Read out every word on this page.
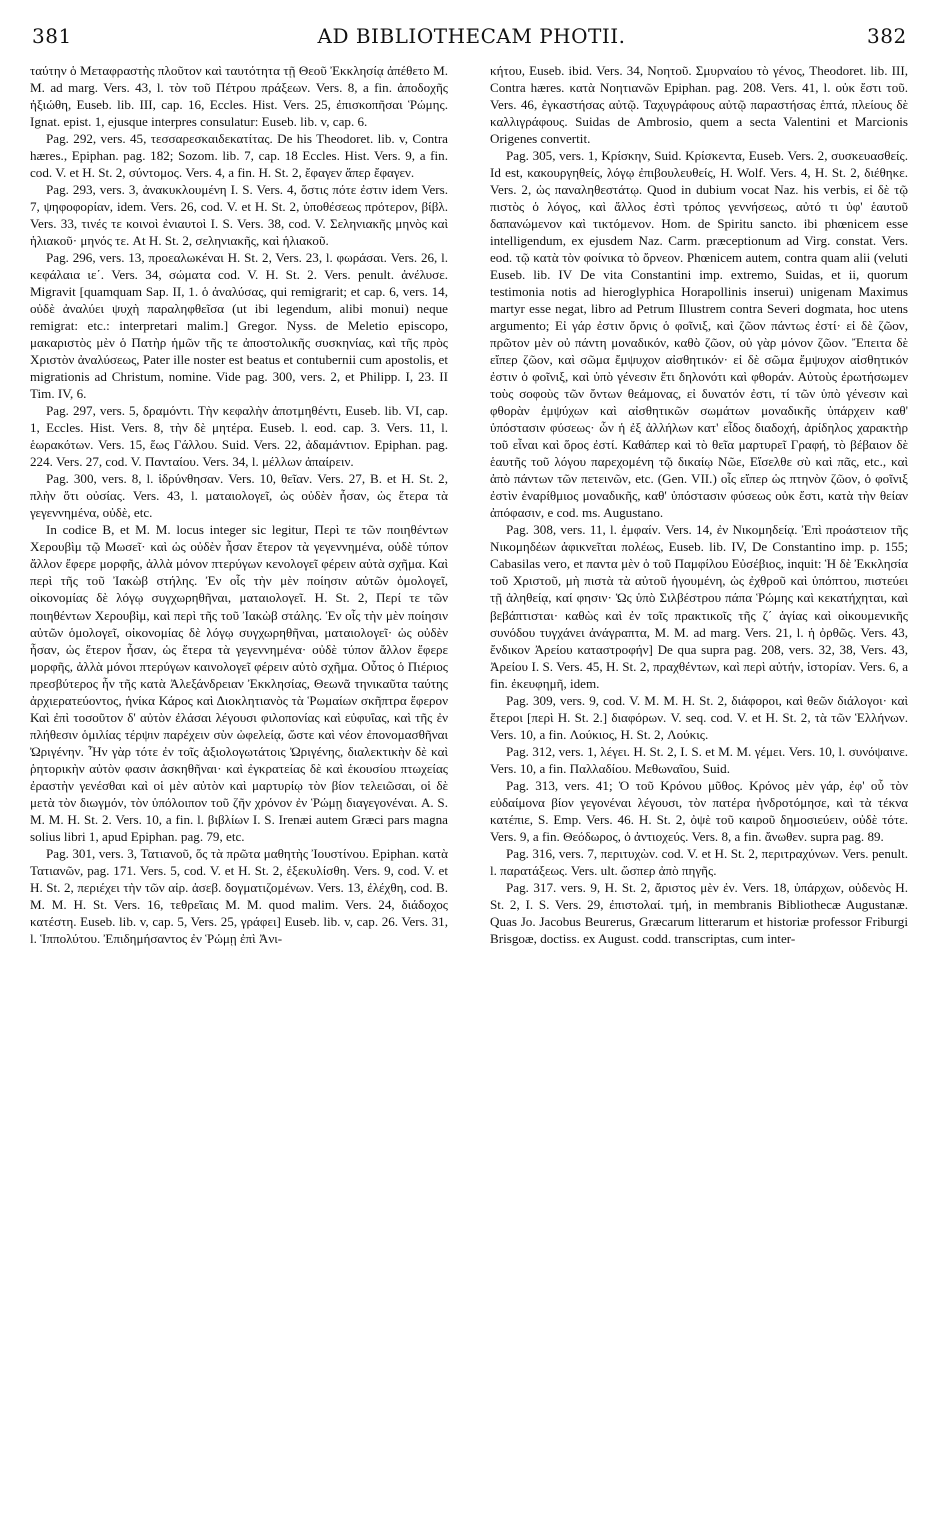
381	AD BIBLIOTHECAM PHOTII.	382

ταύτην ὁ Μεταφραστὴς πλοῦτον καὶ ταυτότητα τῇ Θεοῦ Ἐκκλησίᾳ ἀπέθετο M. M. ad marg. Vers. 43, l. τὸν τοῦ Πέτρου πράξεων. Vers. 8, a fin. ἀποδοχῆς ἠξιώθη, Euseb. lib. III, cap. 16, Eccles. Hist. Vers. 25, ἐπισκοπῆσαι Ῥώμης. Ignat. epist. 1, ejusque interpres consulatur: Euseb. lib. v, cap. 6.

Pag. 292, vers. 45, τεσσαρεσκαιδεκατίτας. De his Theodoret. lib. v, Contra hæres., Epiphan. pag. 182; Sozom. lib. 7, cap. 18 Eccles. Hist. Vers. 9, a fin. cod. V. et H. St. 2, σύντομος. Vers. 4, a fin. H. St. 2, ἔφαγεν ἅπερ ἔφαγεν.

Pag. 293, vers. 3, ἀνακυκλουμένη I. S. Vers. 4, ὅστις πότε ἐστιν idem Vers. 7, ψηφοφορίαν, idem. Vers. 26, cod. V. et H. St. 2, ὑποθέσεως πρότερον, βίβλ. Vers. 33, τινές τε κοινοὶ ἐνιαυτοὶ I. S. Vers. 38, cod. V. Σεληνιακῆς μηνὸς καὶ ἡλιακοῦ· μηνός τε. At H. St. 2, σεληνιακῆς, καὶ ἡλιακοῦ.

Pag. 296, vers. 13, προεαλωκέναι H. St. 2, Vers. 23, l. φωράσαι. Vers. 26, l. κεφάλαια ιε΄. Vers. 34, σώματα cod. V. H. St. 2. Vers. penult. ἀνέλυσε. Migravit [quamquam Sap. II, 1. ὁ ἀναλύσας, qui remigrarit; et cap. 6, vers. 14, οὐδὲ ἀναλύει ψυχὴ παραληφθεῖσα (ut ibi legendum, alibi monui) neque remigrat: etc.: interpretari malim.] Gregor. Nyss. de Meletio episcopo, μακαριστὸς μὲν ὁ Πατὴρ ἡμῶν τῆς τε ἀποστολικῆς συσκηνίας, καὶ τῆς πρὸς Χριστὸν ἀναλύσεως, Pater ille noster est beatus et contubernii cum apostolis, et migrationis ad Christum, nomine. Vide pag. 300, vers. 2, et Philipp. I, 23. II Tim. IV, 6.

Pag. 297, vers. 5, δραμόντι. Τὴν κεφαλὴν ἀποτμηθέντι, Euseb. lib. VI, cap. 1, Eccles. Hist. Vers. 8, τὴν δὲ μητέρα. Euseb. l. eod. cap. 3. Vers. 11, l. ἑωρακότων. Vers. 15, ἕως Γάλλου. Suid. Vers. 22, ἀδαμάντιον. Epiphan. pag. 224. Vers. 27, cod. V. Πανταίου. Vers. 34, l. μέλλων ἀπαίρειν.

Pag. 300, vers. 8, l. ἱδρύνθησαν. Vers. 10, θεῖαν. Vers. 27, B. et H. St. 2, πλὴν ὅτι οὐσίας. Vers. 43, l. ματαιολογεῖ, ὡς οὐδὲν ἦσαν, ὡς ἕτερα τὰ γεγεννημένα, οὐδὲ, etc.

In codice B, et M. M. locus integer sic legitur, Περὶ τε τῶν ποιηθέντων Χερουβὶμ τῷ Μωσεῖ· καὶ ὡς οὐδὲν ἦσαν ἕτερον τὰ γεγεννημένα, οὐδὲ τύπον ἄλλον ἔφερε μορφῆς, ἀλλὰ μόνον πτερύγων κενολογεῖ φέρειν αὐτὰ σχῆμα. Καὶ περὶ τῆς τοῦ Ἰακὼβ στήλης. Ἐν οἷς τὴν μὲν ποίησιν αὐτῶν ὁμολογεῖ, οἰκονομίας δὲ λόγῳ συγχωρηθῆναι, ματαιολογεῖ. H. St. 2, Περί τε τῶν ποιηθέντων Χερουβὶμ, καὶ περὶ τῆς τοῦ Ἰακὼβ στάλης. Ἐν οἷς τὴν μὲν ποίησιν αὐτῶν ὁμολογεῖ, οἰκονομίας δὲ λόγῳ συγχωρηθῆναι, ματαιολογεῖ· ὡς οὐδὲν ἦσαν, ὡς ἕτερον ἦσαν, ὡς ἕτερα τὰ γεγεννημένα· οὐδὲ τύπον ἄλλον ἔφερε μορφῆς, ἀλλὰ μόνοι πτερύγων καινολογεῖ φέρειν αὐτὸ σχῆμα. Οὗτος ὁ Πιέριος πρεσβύτερος ἦν τῆς κατὰ Ἀλεξάνδρειαν Ἐκκλησίας, Θεωνᾶ τηνικαῦτα ταύτης ἀρχιερατεύοντος, ἡνίκα Κάρος καὶ Διοκλητιανὸς τὰ Ῥωμαίων σκῆπτρα ἔφερον Καὶ ἐπὶ τοσοῦτον δ' αὐτὸν ἐλάσαι λέγουσι φιλοπονίας καὶ εὐφυΐας, καὶ τῆς ἐν πλήθεσιν ὁμιλίας τέρψιν παρέχειν σὺν ὠφελείᾳ, ὥστε καὶ νέον ἐπονομασθῆναι Ὠριγένην. Ἦν γὰρ τότε ἐν τοῖς ἀξιολογωτάτοις Ὠριγένης, διαλεκτικὴν δὲ καὶ ῥητορικὴν αὐτὸν φασιν ἀσκηθῆναι· καὶ ἐγκρατείας δὲ καὶ ἑκουσίου πτωχείας ἐραστὴν γενέσθαι καὶ οἱ μὲν αὐτὸν καὶ μαρτυρίῳ τὸν βίον τελειῶσαι, οἱ δὲ μετὰ τὸν διωγμόν, τὸν ὑπόλοιπον τοῦ ζῆν χρόνον ἐν Ῥώμῃ διαγεγονέναι. A. S. M. M. H. St. 2. Vers. 10, a fin. l. βιβλίων I. S. Irenæi autem Græci pars magna solius libri 1, apud Epiphan. pag. 79, etc.

Pag. 301, vers. 3, Τατιανοῦ, ὅς τὰ πρῶτα μαθητὴς Ἰουστίνου. Epiphan. κατὰ Τατιανῶν, pag. 171. Vers. 5, cod. V. et H. St. 2, ἐξεκυλίσθη. Vers. 9, cod. V. et H. St. 2, περιέχει τὴν τῶν αἱρ. ἀσεβ. δογματιζομένων. Vers. 13, ἐλέχθη, cod. B. M. M. H. St. Vers. 16, τεθρεῖαις M. M. quod malim. Vers. 24, διάδοχος κατέστη. Euseb. lib. v, cap. 5, Vers. 25, γράφει] Euseb. lib. v, cap. 26. Vers. 31, l. Ἱππολύτου. Ἐπιδημήσαντος ἐν Ῥώμῃ ἐπὶ Ἀνι-

κήτου, Euseb. ibid. Vers. 34, Νοητοῦ. Σμυρναίου τὸ γένος, Theodoret. lib. III, Contra hæres. κατὰ Νοητιανῶν Epiphan. pag. 208. Vers. 41, l. οὐκ ἔστι τοῦ. Vers. 46, ἐγκαστήσας αὐτῷ. Ταχυγράφους αὐτῷ παραστήσας ἑπτά, πλείους δὲ καλλιγράφους. Suidas de Ambrosio, quem a secta Valentini et Marcionis Origenes convertit.

Pag. 305, vers. 1, Κρίσκην, Suid. Κρίσκεντα, Euseb. Vers. 2, συσκευασθείς. Id est, κακουργηθείς, λόγῳ ἐπιβουλευθείς, H. Wolf. Vers. 4, H. St. 2, διέθηκε. Vers. 2, ὡς παναληθεστάτῳ. Quod in dubium vocat Naz. his verbis, εἰ δὲ τῷ πιστὸς ὁ λόγος, καὶ ἄλλος ἐστὶ τρόπος γεννήσεως, αὐτό τι ὑφ' ἑαυτοῦ δαπανώμενον καὶ τικτόμενον. Hom. de Spiritu sancto. ibi phœnicem esse intelligendum, ex ejusdem Naz. Carm. præceptionum ad Virg. constat. Vers. eod. τῷ κατὰ τὸν φοίνικα τὸ ὄρνεον. Phœnicem autem, contra quam alii (veluti Euseb. lib. IV De vita Constantini imp. extremo, Suidas, et ii, quorum testimonia notis ad hieroglyphica Horapollinis inserui) unigenam Maximus martyr esse negat, libro ad Petrum Illustrem contra Severi dogmata, hoc utens argumento; Εἰ γάρ ἐστιν ὄρνις ὁ φοῖνιξ, καὶ ζῶον πάντως ἐστί· εἰ δὲ ζῶον, πρῶτον μὲν οὐ πάντη μοναδικόν, καθὸ ζῶον, οὐ γὰρ μόνον ζῶον. Ἔπειτα δὲ εἴπερ ζῶον, καὶ σῶμα ἔμψυχον αἰσθητικόν· εἰ δὲ σῶμα ἔμψυχον αἰσθητικόν ἐστιν ὁ φοῖνιξ, καὶ ὑπὸ γένεσιν ἔτι δηλονότι καὶ φθοράν. Αὐτοὺς ἐρωτήσωμεν τοὺς σοφοὺς τῶν ὄντων θεάμονας, εἰ δυνατόν ἐστι, τί τῶν ὑπὸ γένεσιν καὶ φθορὰν ἐμψύχων καὶ αἰσθητικῶν σωμάτων μοναδικῆς ὑπάρχειν καθ' ὑπόστασιν φύσεως· ὧν ἡ ἐξ ἀλλήλων κατ' εἶδος διαδοχή, ἀρίδηλος χαρακτὴρ τοῦ εἶναι καὶ ὅρος ἐστί. Καθάπερ καὶ τὸ θεῖα μαρτυρεῖ Γραφή, τὸ βέβαιον δὲ ἑαυτῆς τοῦ λόγου παρεχομένη τῷ δικαίῳ Νῶε, Εἴσελθε σὺ καὶ πᾶς, etc., καὶ ἀπὸ πάντων τῶν πετεινῶν, etc. (Gen. VII.) οἷς εἴπερ ὡς πτηνὸν ζῶον, ὁ φοῖνιξ ἐστὶν ἐναρίθμιος μοναδικῆς, καθ' ὑπόστασιν φύσεως οὐκ ἔστι, κατὰ τὴν θείαν ἀπόφασιν, e cod. ms. Augustano.

Pag. 308, vers. 11, l. ἐμφαίν. Vers. 14, ἐν Νικομηδείᾳ. Ἐπὶ προάστειον τῆς Νικομηδέων ἀφικνεῖται πολέως, Euseb. lib. IV, De Constantino imp. p. 155; Cabasilas vero, et παντα μὲν ὁ τοῦ Παμφίλου Εὐσέβιος, inquit: Ἡ δὲ Ἐκκλησία τοῦ Χριστοῦ, μὴ πιστὰ τὰ αὐτοῦ ἡγουμένη, ὡς ἐχθροῦ καὶ ὑπόπτου, πιστεύει τῇ ἀληθείᾳ, καί φησιν· Ὡς ὑπὸ Σιλβέστρου πάπα Ῥώμης καὶ κεκατήχηται, καὶ βεβάπτισται· καθὼς καὶ ἐν τοῖς πρακτικοῖς τῆς ζ΄ ἁγίας καὶ οἰκουμενικῆς συνόδου τυγχάνει ἀνάγραπτα, M. M. ad marg. Vers. 21, l. ἡ ὀρθῶς. Vers. 43, ἔνδικον Ἀρείου καταστροφήν] De qua supra pag. 208, vers. 32, 38, Vers. 43, Ἀρείου I. S. Vers. 45, H. St. 2, πραχθέντων, καὶ περὶ αὐτήν, ἱστορίαν. Vers. 6, a fin. ἐκευφημῆ, idem.

Pag. 309, vers. 9, cod. V. M. M. H. St. 2, διάφοροι, καὶ θεῶν διάλογοι· καὶ ἕτεροι [περὶ H. St. 2.] διαφόρων. V. seq. cod. V. et H. St. 2, τὰ τῶν Ἑλλήνων. Vers. 10, a fin. Λούκιος, H. St. 2, Λούκις.

Pag. 312, vers. 1, λέγει. H. St. 2, I. S. et M. M. γέμει. Vers. 10, l. συνόψαινε. Vers. 10, a fin. Παλλαδίου. Μεθωναῖου, Suid.

Pag. 313, vers. 41; Ὁ τοῦ Κρόνου μῦθος. Κρόνος μὲν γάρ, ἐφ' οὗ τὸν εὐδαίμονα βίον γεγονέναι λέγουσι, τὸν πατέρα ἠνδροτόμησε, καὶ τὰ τέκνα κατέπιε, S. Emp. Vers. 46. H. St. 2, ὀψὲ τοῦ καιροῦ δημοσιεύειν, οὐδὲ τότε. Vers. 9, a fin. Θεόδωρος, ὁ ἀντιοχεύς. Vers. 8, a fin. ἄνωθεν. supra pag. 89.

Pag. 316, vers. 7, περιτυχὼν. cod. V. et H. St. 2, περιτραχύνων. Vers. penult. l. παρατάξεως. Vers. ult. ὥσπερ ἀπὸ πηγῆς.

Pag. 317. vers. 9, H. St. 2, ἄριστος μὲν ἐν. Vers. 18, ὑπάρχων, οὐδενὸς H. St. 2, I. S. Vers. 29, ἐπιστολαί. τμή, in membranis Bibliothecæ Augustanæ. Quas Jo. Jacobus Beurerus, Græcarum litterarum et historiæ professor Friburgi Brisgoæ, doctiss. ex August. codd. transcriptas, cum inter-
